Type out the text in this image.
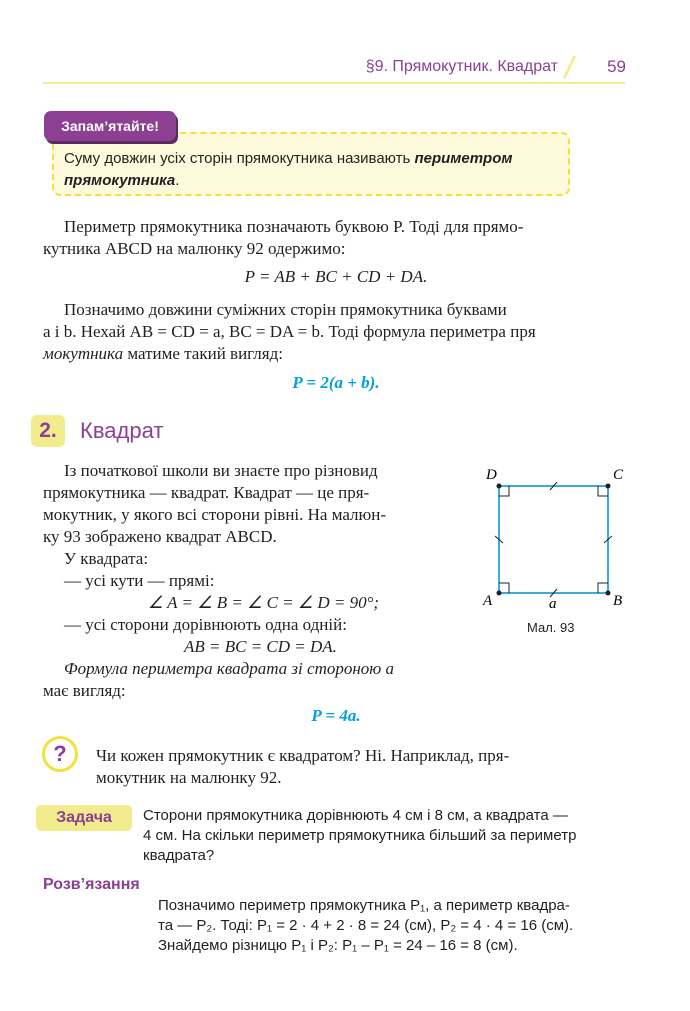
§9. Прямокутник. Квадрат	59
Запам’ятайте!
Суму довжин усіх сторін прямокутника називають периметром прямокутника.
Периметр прямокутника позначають буквою P. Тоді для прямо-
кутника ABCD на малюнку 92 одержимо:
P = AB + BC + CD + DA.
Позначимо довжини суміжних сторін прямокутника буквами
a і b. Нехай AB = CD = a, BC = DA = b. Тоді формула периметра пря
мокутника матиме такий вигляд:
P = 2(a + b).
2.	Квадрат
Із початкової школи ви знаєте про різновид
прямокутника — квадрат. Квадрат — це пря-
мокутник, у якого всі сторони рівні. На малюн-
ку 93 зображено квадрат ABCD.
У квадрата:
— усі кути — прямі:
∠ A = ∠ B = ∠ C = ∠ D = 90°;
— усі сторони дорівнюють одна одній:
AB = BC = CD = DA.
Формула периметра квадрата зі стороною a
має вигляд:
P = 4a.
D	C
A	B
a
Мал. 93
?	Чи кожен прямокутник є квадратом? Ні. Наприклад, пря-
мокутник на малюнку 92.
Задача	Сторони прямокутника дорівнюють 4 см і 8 см, а квадрата —
4 см. На скільки периметр прямокутника більший за периметр
квадрата?
Розв’язання
Позначимо периметр прямокутника P₁, а периметр квадра-
та — P₂. Тоді: P₁ = 2 · 4 + 2 · 8 = 24 (см), P₂ = 4 · 4 = 16 (см).
Знайдемо різницю P₁ і P₂: P₁ – P₁ = 24 – 16 = 8 (см).
